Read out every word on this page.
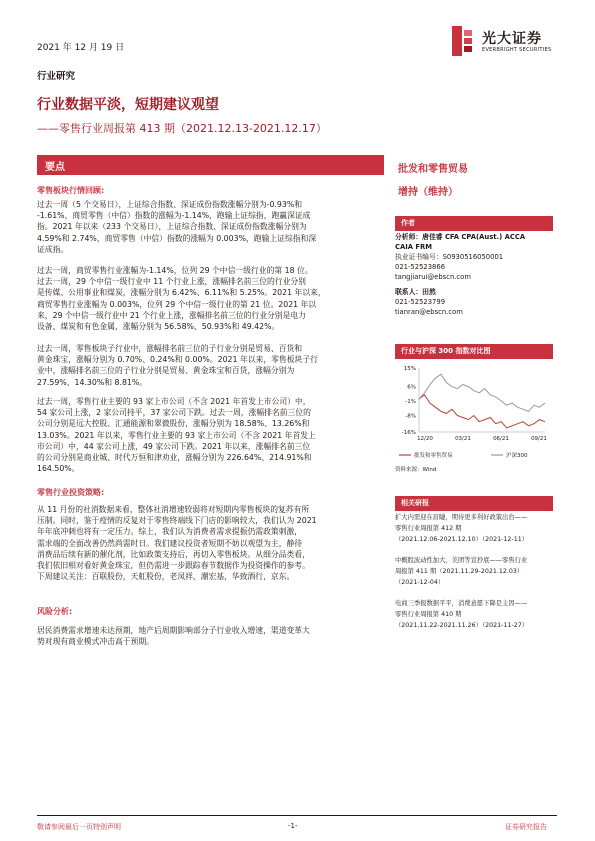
2021 年 12 月 19 日
光大证券
EVERBRIGHT SECURITIES
行业研究
行业数据平淡，短期建议观望
——零售行业周报第 413 期（2021.12.13-2021.12.17）
要点
零售板块行情回顾:
过去一周（5 个交易日），上证综合指数、深证成份指数涨幅分别为-0.93%和
-1.61%，商贸零售（中信）指数的涨幅为-1.14%，跑输上证综指，跑赢深证成
指。2021 年以来（233 个交易日），上证综合指数、深证成份指数涨幅分别为
4.59%和 2.74%，商贸零售（中信）指数的涨幅为 0.003%，跑输上证综指和深
证成指。
过去一周，商贸零售行业涨幅为-1.14%，位列 29 个中信一级行业的第 18 位。
过去一周，29 个中信一级行业中 11 个行业上涨，涨幅排名前三位的行业分别
是传媒、公用事业和煤炭，涨幅分别为 6.42%、6.11%和 5.25%。2021 年以来，
商贸零售行业涨幅为 0.003%，位列 29 个中信一级行业的第 21 位。2021 年以
来，29 个中信一级行业中 21 个行业上涨，涨幅排名前三位的行业分别是电力
设备、煤炭和有色金属，涨幅分别为 56.58%、50.93%和 49.42%。
过去一周，零售板块子行业中，涨幅排名前三位的子行业分别是贸易、百货和
黄金珠宝，涨幅分别为 0.70%、0.24%和 0.00%。2021 年以来，零售板块子行
业中，涨幅排名前三位的子行业分别是贸易、黄金珠宝和百货，涨幅分别为
27.59%、14.30%和 8.81%。
过去一周，零售行业主要的 93 家上市公司（不含 2021 年首发上市公司）中，
54 家公司上涨，2 家公司持平，37 家公司下跌。过去一周，涨幅排名前三位的
公司分别是远大控股、汇通能源和翠微股份，涨幅分别为 18.58%、13.26%和
13.03%。2021 年以来，零售行业主要的 93 家上市公司（不含 2021 年首发上
市公司）中，44 家公司上涨，49 家公司下跌。2021 年以来，涨幅排名前三位
的公司分别是商业城、时代万恒和津劝业，涨幅分别为 226.64%、214.91%和
164.50%。
零售行业投资策略:
从 11 月份的社消数据来看，整体社消增速较弱将对短期内零售板块的复苏有所
压制。同时，鉴于疫情的反复对于零售终端线下门店的影响较大，我们认为 2021
年年底冲刺也将有一定压力。综上，我们认为消费者需求提振仍需政策刺激，
需求端的全面改善仍然尚需时日。我们建议投资者短期不妨以观望为主，静待
消费品后续有新的催化剂，比如政策支持后，再切入零售板块。从细分品类看，
我们依旧相对看好黄金珠宝，但仍需进一步跟踪春节数据作为投资操作的参考。
下周建议关注：百联股份，天虹股份，老凤祥，潮宏基，华致酒行，京东。
风险分析:
居民消费需求增速未达预期，地产后周期影响部分子行业收入增速，渠道变革大
势对现有商业模式冲击高于预期。
批发和零售贸易
增持（维持）
作者
分析师：唐佳睿 CFA CPA(Aust.) ACCA
CAIA FRM
执业证书编号：S0930516050001
021-52523866
tangjiarui@ebscn.com
联系人：田然
021-52523799
tianran@ebscn.com
行业与沪深 300 指数对比图
15%
6%
-1%
-8%
-16%
12/20	03/21	06/21	09/21
批发和零售贸易	沪深300
资料来源：Wind
相关研报
扩大内需迎在眉睫，期待更多利好政策出台——
零售行业周报第 412 期
（2021.12.06-2021.12.10）（2021-12-11）
中概股波动性加大，美团等宣抄底——零售行业
周报第 411 期（2021.11.29-2021.12.03）
（2021-12-04）
电商三季报数据平平，消费意愿下降是主因——
零售行业周报第 410 期
（2021.11.22-2021.11.26）（2021-11-27）
敬请参阅最后一页特别声明	-1-	证券研究报告
